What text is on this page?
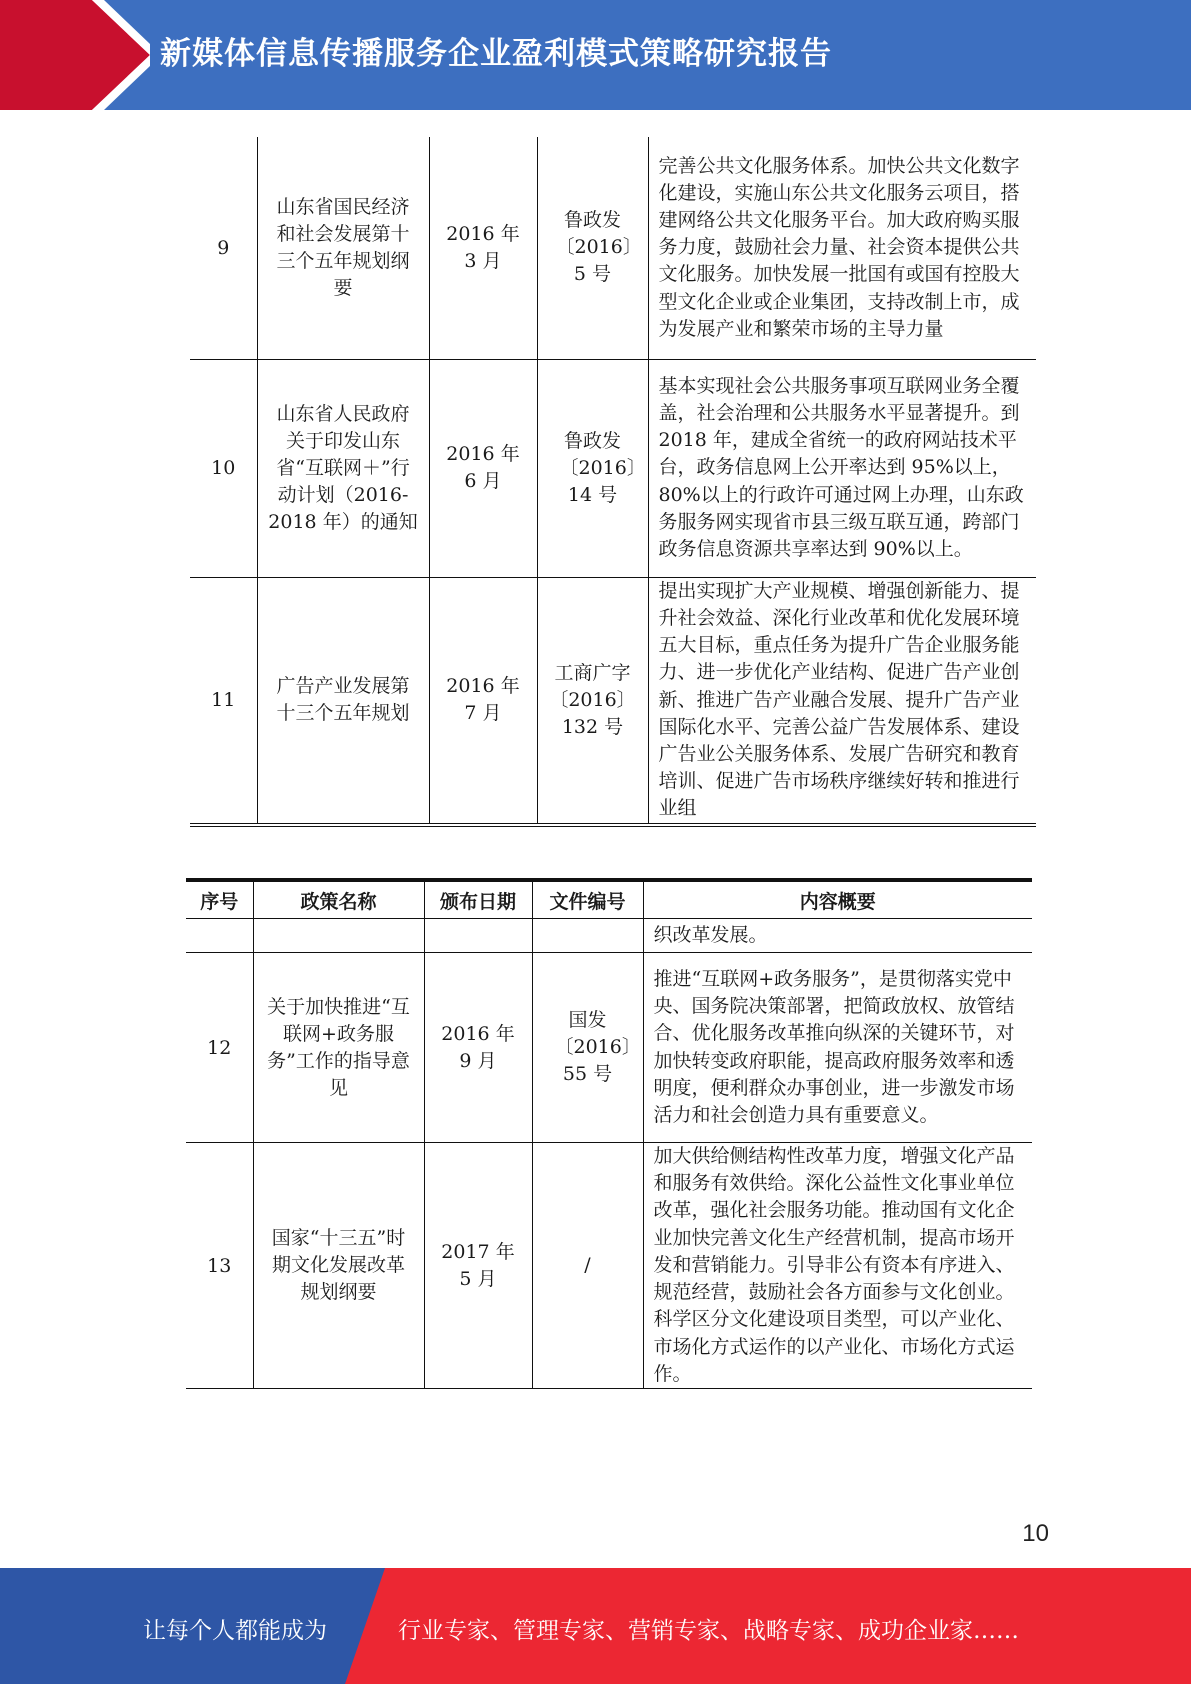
新媒体信息传播服务企业盈利模式策略研究报告
9	山东省国民经济和社会发展第十三个五年规划纲要	2016 年 3 月	鲁政发〔2016〕5 号	完善公共文化服务体系。加快公共文化数字化建设，实施山东公共文化服务云项目，搭建网络公共文化服务平台。加大政府购买服务力度，鼓励社会力量、社会资本提供公共文化服务。加快发展一批国有或国有控股大型文化企业或企业集团，支持改制上市，成为发展产业和繁荣市场的主导力量
10	山东省人民政府关于印发山东省“互联网＋”行动计划（2016-2018 年）的通知	2016 年 6 月	鲁政发〔2016〕14 号	基本实现社会公共服务事项互联网业务全覆盖，社会治理和公共服务水平显著提升。到 2018 年，建成全省统一的政府网站技术平台，政务信息网上公开率达到 95%以上，80%以上的行政许可通过网上办理，山东政务服务网实现省市县三级互联互通，跨部门政务信息资源共享率达到 90%以上。
11	广告产业发展第十三个五年规划	2016 年 7 月	工商广字〔2016〕132 号	提出实现扩大产业规模、增强创新能力、提升社会效益、深化行业改革和优化发展环境五大目标，重点任务为提升广告企业服务能力、进一步优化产业结构、促进广告产业创新、推进广告产业融合发展、提升广告产业国际化水平、完善公益广告发展体系、建设广告业公关服务体系、发展广告研究和教育培训、促进广告市场秩序继续好转和推进行业组
序号	政策名称	颁布日期	文件编号	内容概要
				织改革发展。
12	关于加快推进“互联网+政务服务”工作的指导意见	2016 年 9 月	国发〔2016〕55 号	推进“互联网+政务服务”，是贯彻落实党中央、国务院决策部署，把简政放权、放管结合、优化服务改革推向纵深的关键环节，对加快转变政府职能，提高政府服务效率和透明度，便利群众办事创业，进一步激发市场活力和社会创造力具有重要意义。
13	国家“十三五”时期文化发展改革规划纲要	2017 年 5 月	/	加大供给侧结构性改革力度，增强文化产品和服务有效供给。深化公益性文化事业单位改革，强化社会服务功能。推动国有文化企业加快完善文化生产经营机制，提高市场开发和营销能力。引导非公有资本有序进入、规范经营，鼓励社会各方面参与文化创业。科学区分文化建设项目类型，可以产业化、市场化方式运作的以产业化、市场化方式运作。
10
让每个人都能成为	行业专家、管理专家、营销专家、战略专家、成功企业家……
